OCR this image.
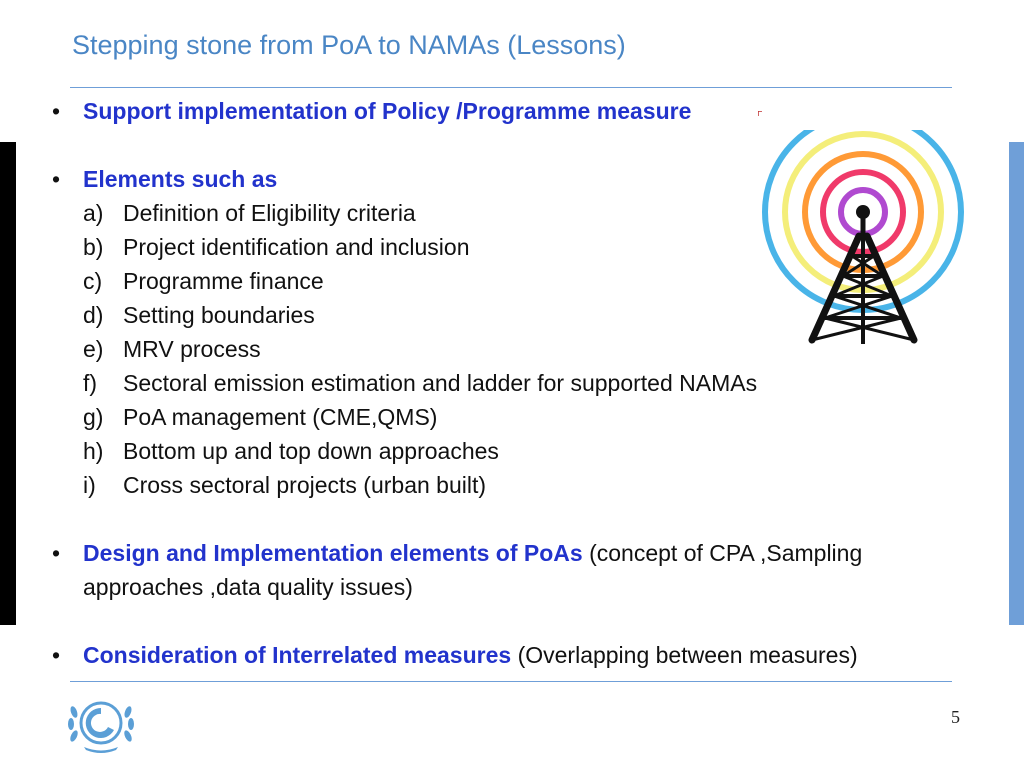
Stepping stone from PoA to NAMAs (Lessons)
• Support implementation of Policy /Programme measure
• Elements such as
a) Definition of Eligibility criteria
b) Project identification and inclusion
c) Programme finance
d) Setting boundaries
e) MRV process
f) Sectoral emission estimation and ladder for supported NAMAs
g) PoA management (CME,QMS)
h) Bottom up and top down approaches
i) Cross sectoral projects (urban built)
• Design and Implementation elements of PoAs (concept of CPA ,Sampling approaches ,data quality issues)
• Consideration of Interrelated measures (Overlapping between measures)
5
